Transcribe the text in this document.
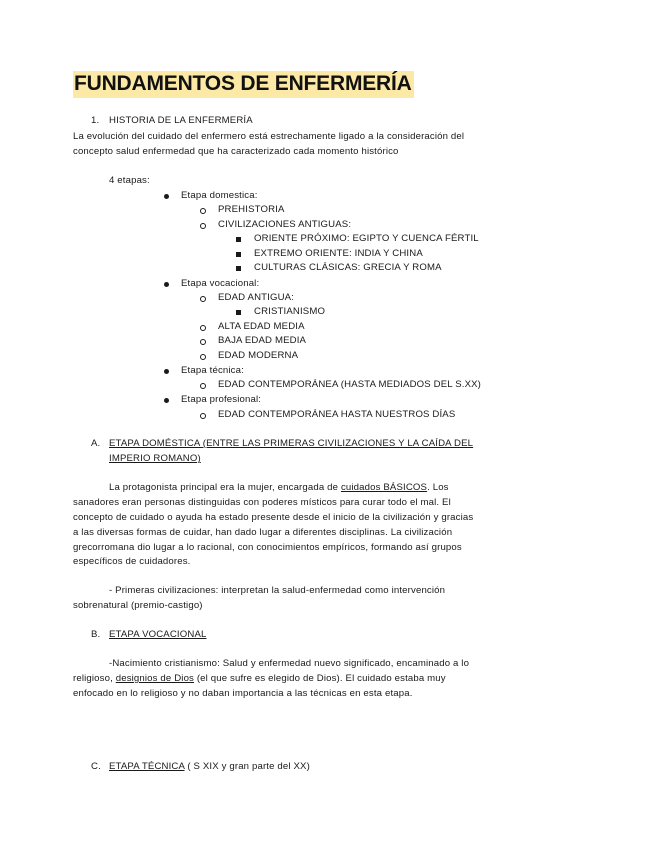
FUNDAMENTOS DE ENFERMERÍA
1. HISTORIA DE LA ENFERMERÍA
La evolución del cuidado del enfermero está estrechamente ligado a la consideración del
concepto salud enfermedad que ha caracterizado cada momento histórico
4 etapas:
Etapa domestica:
PREHISTORIA
CIVILIZACIONES ANTIGUAS:
ORIENTE PRÓXIMO: EGIPTO Y CUENCA FÉRTIL
EXTREMO ORIENTE: INDIA Y CHINA
CULTURAS CLÁSICAS: GRECIA Y ROMA
Etapa vocacional:
EDAD ANTIGUA:
CRISTIANISMO
ALTA EDAD MEDIA
BAJA EDAD MEDIA
EDAD MODERNA
Etapa técnica:
EDAD CONTEMPORÁNEA (HASTA MEDIADOS DEL S.XX)
Etapa profesional:
EDAD CONTEMPORÁNEA HASTA NUESTROS DÍAS
A. ETAPA DOMÉSTICA (ENTRE LAS PRIMERAS CIVILIZACIONES Y LA CAÍDA DEL
IMPERIO ROMANO)
La protagonista principal era la mujer, encargada de cuidados BÁSICOS. Los
sanadores eran personas distinguidas con poderes místicos para curar todo el mal. El
concepto de cuidado o ayuda ha estado presente desde el inicio de la civilización y gracias
a las diversas formas de cuidar, han dado lugar a diferentes disciplinas. La civilización
grecorromana dio lugar a lo racional, con conocimientos empíricos, formando así grupos
específicos de cuidadores.
- Primeras civilizaciones: interpretan la salud-enfermedad como intervención
sobrenatural (premio-castigo)
B. ETAPA VOCACIONAL
-Nacimiento cristianismo: Salud y enfermedad nuevo significado, encaminado a lo
religioso, designios de Dios (el que sufre es elegido de Dios). El cuidado estaba muy
enfocado en lo religioso y no daban importancia a las técnicas en esta etapa.
C. ETAPA TÉCNICA ( S XIX y gran parte del XX)
